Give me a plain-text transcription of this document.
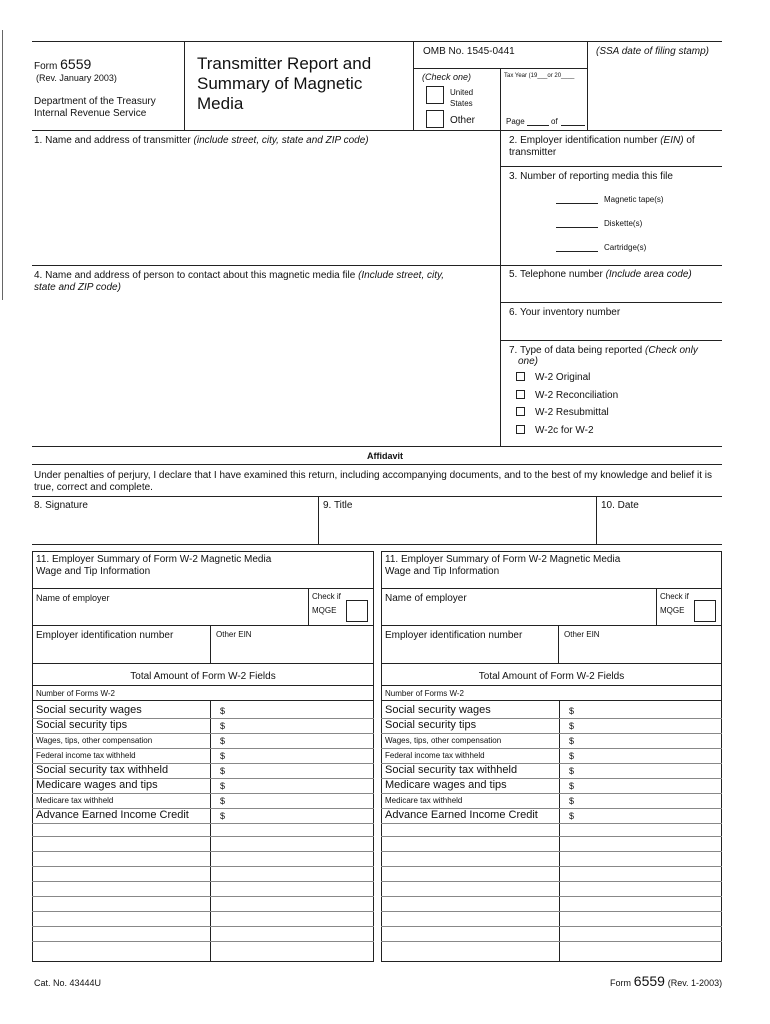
Form 6559
(Rev. January 2003)
Department of the Treasury
Internal Revenue Service
Transmitter Report and
Summary of Magnetic
Media
OMB No. 1545-0441	(SSA date of filing stamp)
(Check one)	Tax Year (19___or 20____
United
States
Other	Page	of
1. Name and address of transmitter (include street, city, state and ZIP code)	2. Employer identification number (EIN) of
transmitter
3. Number of reporting media this file
Magnetic tape(s)
Diskette(s)
Cartridge(s)
4. Name and address of person to contact about this magnetic media file (Include street, city,
state and ZIP code)
5. Telephone number (Include area code)
6. Your inventory number
7. Type of data being reported (Check only
one)
W-2 Original
W-2 Reconciliation
W-2 Resubmittal
W-2c for W-2
Affidavit
Under penalties of perjury, I declare that I have examined this return, including accompanying documents, and to the best of my knowledge and belief it is
true, correct and complete.
8. Signature	9. Title	10. Date
11. Employer Summary of Form W-2 Magnetic Media
Wage and Tip Information
Name of employer	Check if
MQGE
Employer identification number	Other EIN
Total Amount of Form W-2 Fields
Number of Forms W-2
Social security wages	$
Social security tips	$
Wages, tips, other compensation	$
Federal income tax withheld	$
Social security tax withheld	$
Medicare wages and tips	$
Medicare tax withheld	$
Advance Earned Income Credit	$
11. Employer Summary of Form W-2 Magnetic Media
Wage and Tip Information
Name of employer	Check if
MQGE
Employer identification number	Other EIN
Total Amount of Form W-2 Fields
Number of Forms W-2
Social security wages	$
Social security tips	$
Wages, tips, other compensation	$
Federal income tax withheld	$
Social security tax withheld	$
Medicare wages and tips	$
Medicare tax withheld	$
Advance Earned Income Credit	$
Cat. No. 43444U	Form 6559 (Rev. 1-2003)
